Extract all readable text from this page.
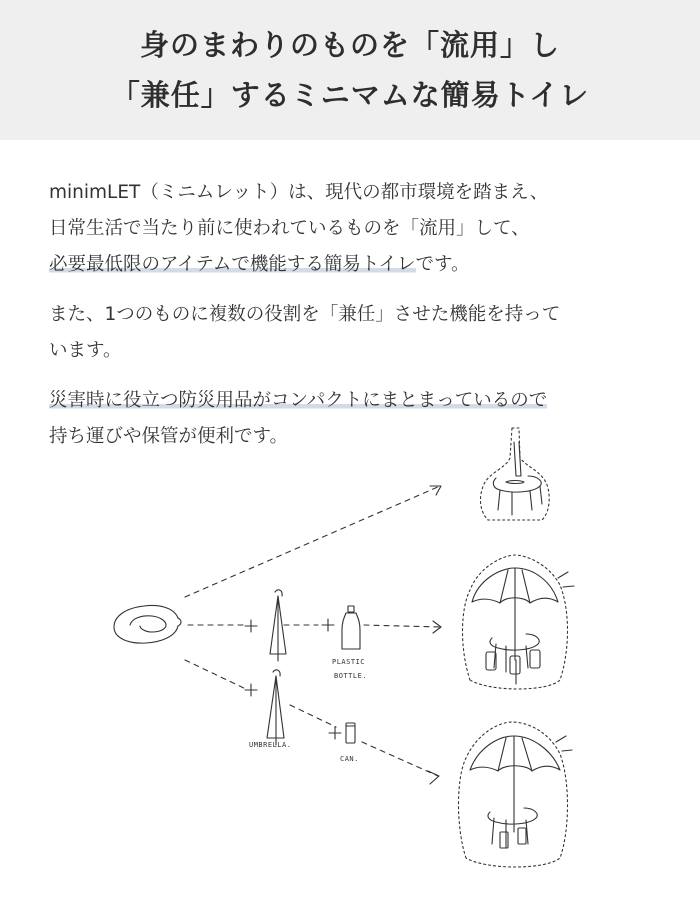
身のまわりのものを「流用」し
「兼任」するミニマムな簡易トイレ

minimLET（ミニムレット）は、現代の都市環境を踏まえ、
日常生活で当たり前に使われているものを「流用」して、
必要最低限のアイテムで機能する簡易トイレです。

また、1つのものに複数の役割を「兼任」させた機能を持って
います。

災害時に役立つ防災用品がコンパクトにまとまっているので
持ち運びや保管が便利です。

PLASTIC
BOTTLE.
UMBRELLA.
CAN.
